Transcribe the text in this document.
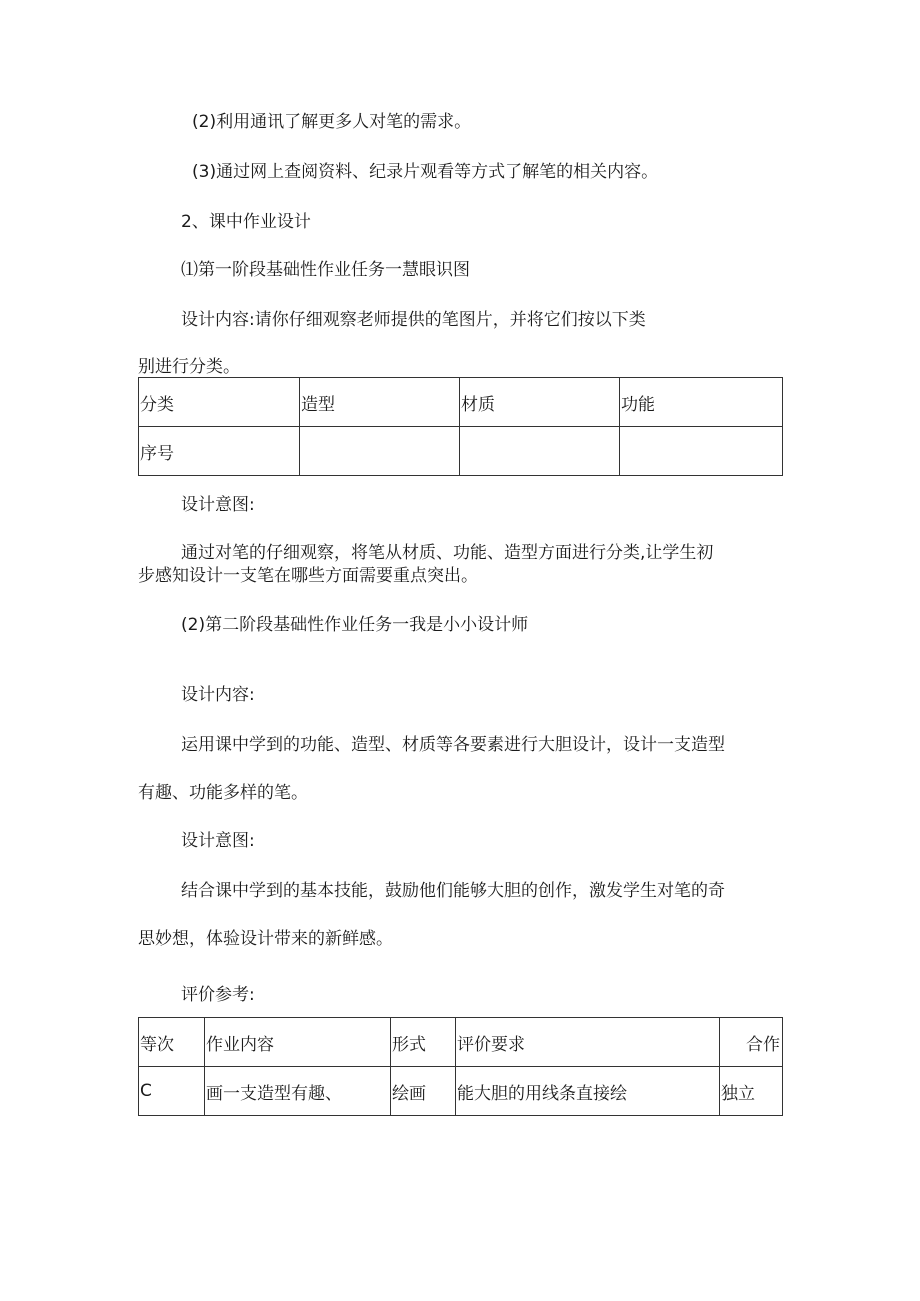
(2)利用通讯了解更多人对笔的需求。
(3)通过网上查阅资料、纪录片观看等方式了解笔的相关内容。
2、课中作业设计
⑴第一阶段基础性作业任务一慧眼识图
设计内容:请你仔细观察老师提供的笔图片，并将它们按以下类
别进行分类。
分类	造型	材质	功能
序号			
设计意图:
通过对笔的仔细观察，将笔从材质、功能、造型方面进行分类,让学生初
步感知设计一支笔在哪些方面需要重点突出。
(2)第二阶段基础性作业任务一我是小小设计师
设计内容:
运用课中学到的功能、造型、材质等各要素进行大胆设计，设计一支造型
有趣、功能多样的笔。
设计意图:
结合课中学到的基本技能，鼓励他们能够大胆的创作，激发学生对笔的奇
思妙想，体验设计带来的新鲜感。
评价参考:
等次	作业内容	形式	评价要求	合作
C	画一支造型有趣、	绘画	能大胆的用线条直接绘	独立
